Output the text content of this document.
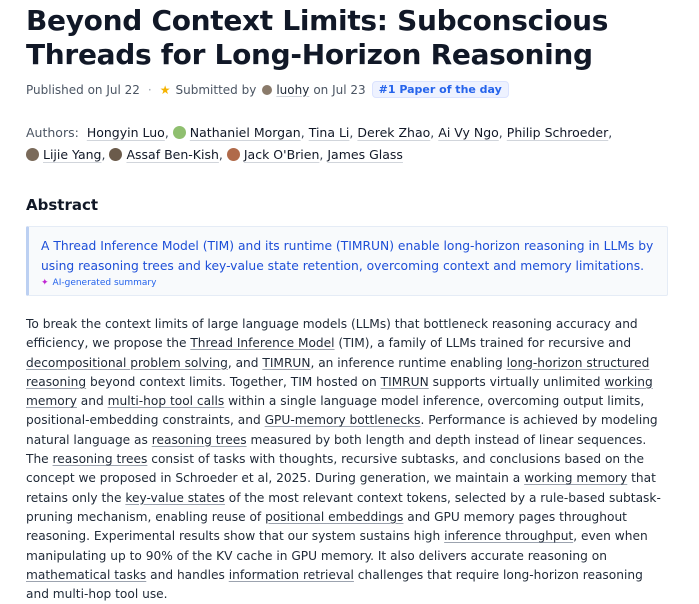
Beyond Context Limits: Subconscious Threads for Long-Horizon Reasoning
Published on Jul 22 · ★ Submitted by luohy on Jul 23	#1 Paper of the day
Authors: Hongyin Luo, Nathaniel Morgan, Tina Li, Derek Zhao, Ai Vy Ngo, Philip Schroeder, Lijie Yang, Assaf Ben-Kish, Jack O'Brien, James Glass
Abstract
A Thread Inference Model (TIM) and its runtime (TIMRUN) enable long-horizon reasoning in LLMs by using reasoning trees and key-value state retention, overcoming context and memory limitations.
✦ AI-generated summary
To break the context limits of large language models (LLMs) that bottleneck reasoning accuracy and efficiency, we propose the Thread Inference Model (TIM), a family of LLMs trained for recursive and decompositional problem solving, and TIMRUN, an inference runtime enabling long-horizon structured reasoning beyond context limits. Together, TIM hosted on TIMRUN supports virtually unlimited working memory and multi-hop tool calls within a single language model inference, overcoming output limits, positional-embedding constraints, and GPU-memory bottlenecks. Performance is achieved by modeling natural language as reasoning trees measured by both length and depth instead of linear sequences. The reasoning trees consist of tasks with thoughts, recursive subtasks, and conclusions based on the concept we proposed in Schroeder et al, 2025. During generation, we maintain a working memory that retains only the key-value states of the most relevant context tokens, selected by a rule-based subtask-pruning mechanism, enabling reuse of positional embeddings and GPU memory pages throughout reasoning. Experimental results show that our system sustains high inference throughput, even when manipulating up to 90% of the KV cache in GPU memory. It also delivers accurate reasoning on mathematical tasks and handles information retrieval challenges that require long-horizon reasoning and multi-hop tool use.
